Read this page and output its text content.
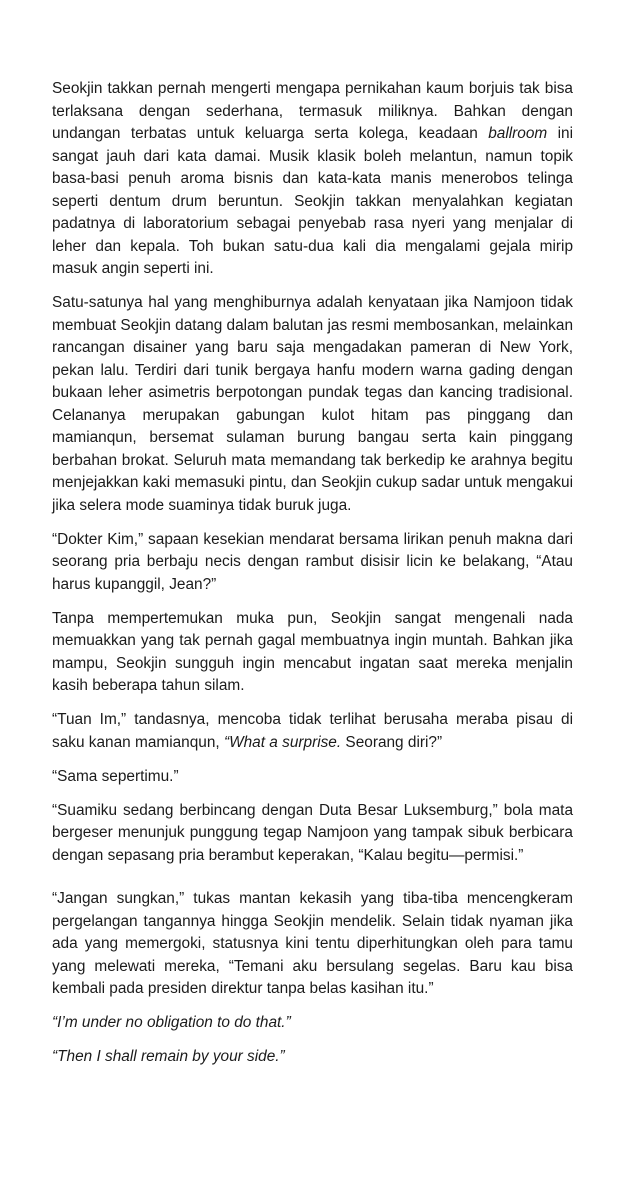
Seokjin takkan pernah mengerti mengapa pernikahan kaum borjuis tak bisa terlaksana dengan sederhana, termasuk miliknya. Bahkan dengan undangan terbatas untuk keluarga serta kolega, keadaan ballroom ini sangat jauh dari kata damai. Musik klasik boleh melantun, namun topik basa-basi penuh aroma bisnis dan kata-kata manis menerobos telinga seperti dentum drum beruntun. Seokjin takkan menyalahkan kegiatan padatnya di laboratorium sebagai penyebab rasa nyeri yang menjalar di leher dan kepala. Toh bukan satu-dua kali dia mengalami gejala mirip masuk angin seperti ini.

Satu-satunya hal yang menghiburnya adalah kenyataan jika Namjoon tidak membuat Seokjin datang dalam balutan jas resmi membosankan, melainkan rancangan disainer yang baru saja mengadakan pameran di New York, pekan lalu. Terdiri dari tunik bergaya hanfu modern warna gading dengan bukaan leher asimetris berpotongan pundak tegas dan kancing tradisional. Celananya merupakan gabungan kulot hitam pas pinggang dan mamianqun, bersemat sulaman burung bangau serta kain pinggang berbahan brokat. Seluruh mata memandang tak berkedip ke arahnya begitu menjejakkan kaki memasuki pintu, dan Seokjin cukup sadar untuk mengakui jika selera mode suaminya tidak buruk juga.

“Dokter Kim,” sapaan kesekian mendarat bersama lirikan penuh makna dari seorang pria berbaju necis dengan rambut disisir licin ke belakang, “Atau harus kupanggil, Jean?”

Tanpa mempertemukan muka pun, Seokjin sangat mengenali nada memuakkan yang tak pernah gagal membuatnya ingin muntah. Bahkan jika mampu, Seokjin sungguh ingin mencabut ingatan saat mereka menjalin kasih beberapa tahun silam.

“Tuan Im,” tandasnya, mencoba tidak terlihat berusaha meraba pisau di saku kanan mamianqun, “What a surprise. Seorang diri?”

“Sama sepertimu.”

“Suamiku sedang berbincang dengan Duta Besar Luksemburg,” bola mata bergeser menunjuk punggung tegap Namjoon yang tampak sibuk berbicara dengan sepasang pria berambut keperakan, “Kalau begitu—permisi.”

“Jangan sungkan,” tukas mantan kekasih yang tiba-tiba mencengkeram pergelangan tangannya hingga Seokjin mendelik. Selain tidak nyaman jika ada yang memergoki, statusnya kini tentu diperhitungkan oleh para tamu yang melewati mereka, “Temani aku bersulang segelas. Baru kau bisa kembali pada presiden direktur tanpa belas kasihan itu.”

“I’m under no obligation to do that.”

“Then I shall remain by your side.”
